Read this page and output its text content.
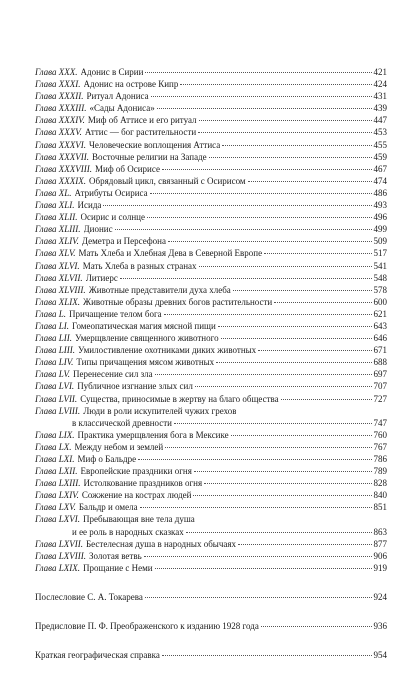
Глава XXX. Адонис в Сирии	421
Глава XXXI. Адонис на острове Кипр	424
Глава XXXII. Ритуал Адониса	431
Глава XXXIII. «Сады Адониса»	439
Глава XXXIV. Миф об Аттисе и его ритуал	447
Глава XXXV. Аттис — бог растительности	453
Глава XXXVI. Человеческие воплощения Аттиса	455
Глава XXXVII. Восточные религии на Западе	459
Глава XXXVIII. Миф об Осирисе	467
Глава XXXIX. Обрядовый цикл, связанный с Осирисом	474
Глава XL. Атрибуты Осириса	486
Глава XLI. Исида	493
Глава XLII. Осирис и солнце	496
Глава XLIII. Дионис	499
Глава XLIV. Деметра и Персефона	509
Глава XLV. Мать Хлеба и Хлебная Дева в Северной Европе	517
Глава XLVI. Мать Хлеба в разных странах	541
Глава XLVII. Литиерс	548
Глава XLVIII. Животные представители духа хлеба	578
Глава XLIX. Животные образы древних богов растительности	600
Глава L. Причащение телом бога	621
Глава LI. Гомеопатическая магия мясной пищи	643
Глава LII. Умерщвление священного животного	646
Глава LIII. Умилостивление охотниками диких животных	671
Глава LIV. Типы причащения мясом животных	688
Глава LV. Перенесение сил зла	697
Глава LVI. Публичное изгнание злых сил	707
Глава LVII. Существа, приносимые в жертву на благо общества	727
Глава LVIII. Люди в роли искупителей чужих грехов
в классической древности	747
Глава LIX. Практика умерщвления бога в Мексике	760
Глава LX. Между небом и землей	767
Глава LXI. Миф о Бальдре	786
Глава LXII. Европейские праздники огня	789
Глава LXIII. Истолкование праздников огня	828
Глава LXIV. Сожжение на кострах людей	840
Глава LXV. Бальдр и омела	851
Глава LXVI. Пребывающая вне тела душа
и ее роль в народных сказках	863
Глава LXVII. Бестелесная душа в народных обычаях	877
Глава LXVIII. Золотая ветвь	906
Глава LXIX. Прощание с Неми	919
Послесловие С. А. Токарева	924
Предисловие П. Ф. Преображенского к изданию 1928 года	936
Краткая географическая справка	954
